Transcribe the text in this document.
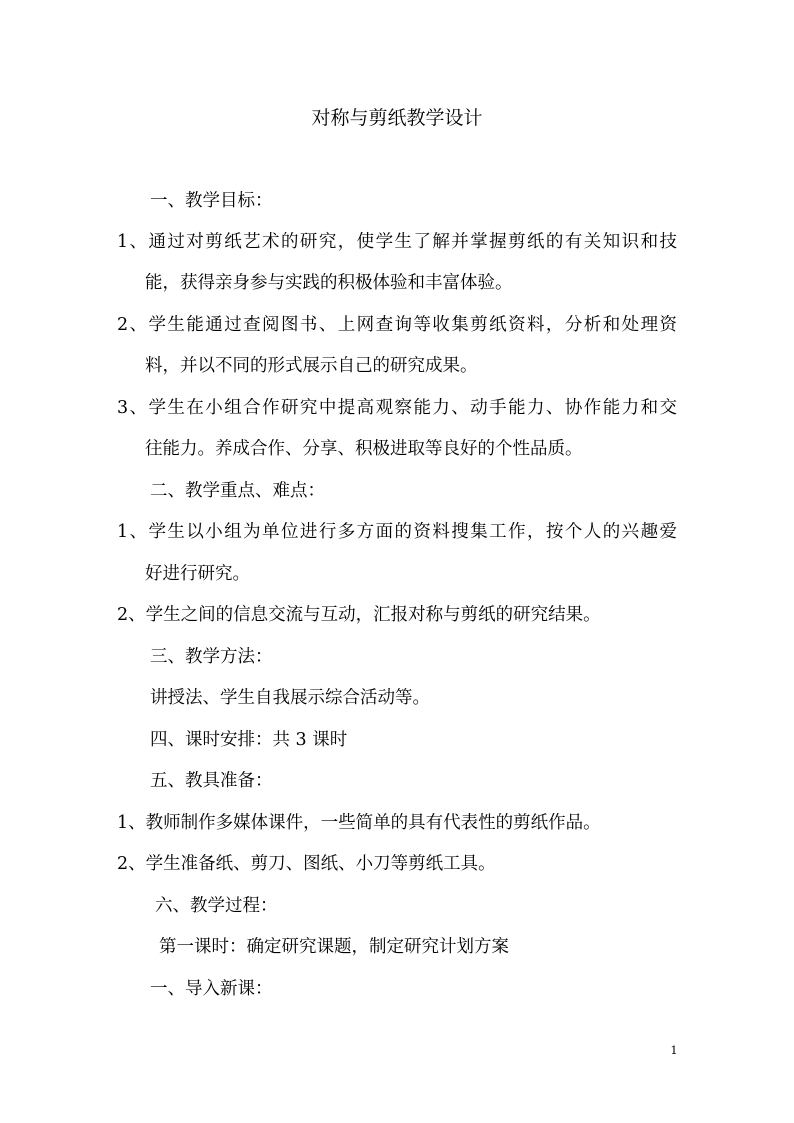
对称与剪纸教学设计
一、教学目标：
1、通过对剪纸艺术的研究，使学生了解并掌握剪纸的有关知识和技
能，获得亲身参与实践的积极体验和丰富体验。
2、学生能通过查阅图书、上网查询等收集剪纸资料，分析和处理资
料，并以不同的形式展示自己的研究成果。
3、学生在小组合作研究中提高观察能力、动手能力、协作能力和交
往能力。养成合作、分享、积极进取等良好的个性品质。
二、教学重点、难点：
1、学生以小组为单位进行多方面的资料搜集工作，按个人的兴趣爱
好进行研究。
2、学生之间的信息交流与互动，汇报对称与剪纸的研究结果。
三、教学方法：
讲授法、学生自我展示综合活动等。
四、课时安排：共 3 课时
五、教具准备：
1、教师制作多媒体课件，一些简单的具有代表性的剪纸作品。
2、学生准备纸、剪刀、图纸、小刀等剪纸工具。
六、教学过程：
第一课时：确定研究课题，制定研究计划方案
一、导入新课：
1
